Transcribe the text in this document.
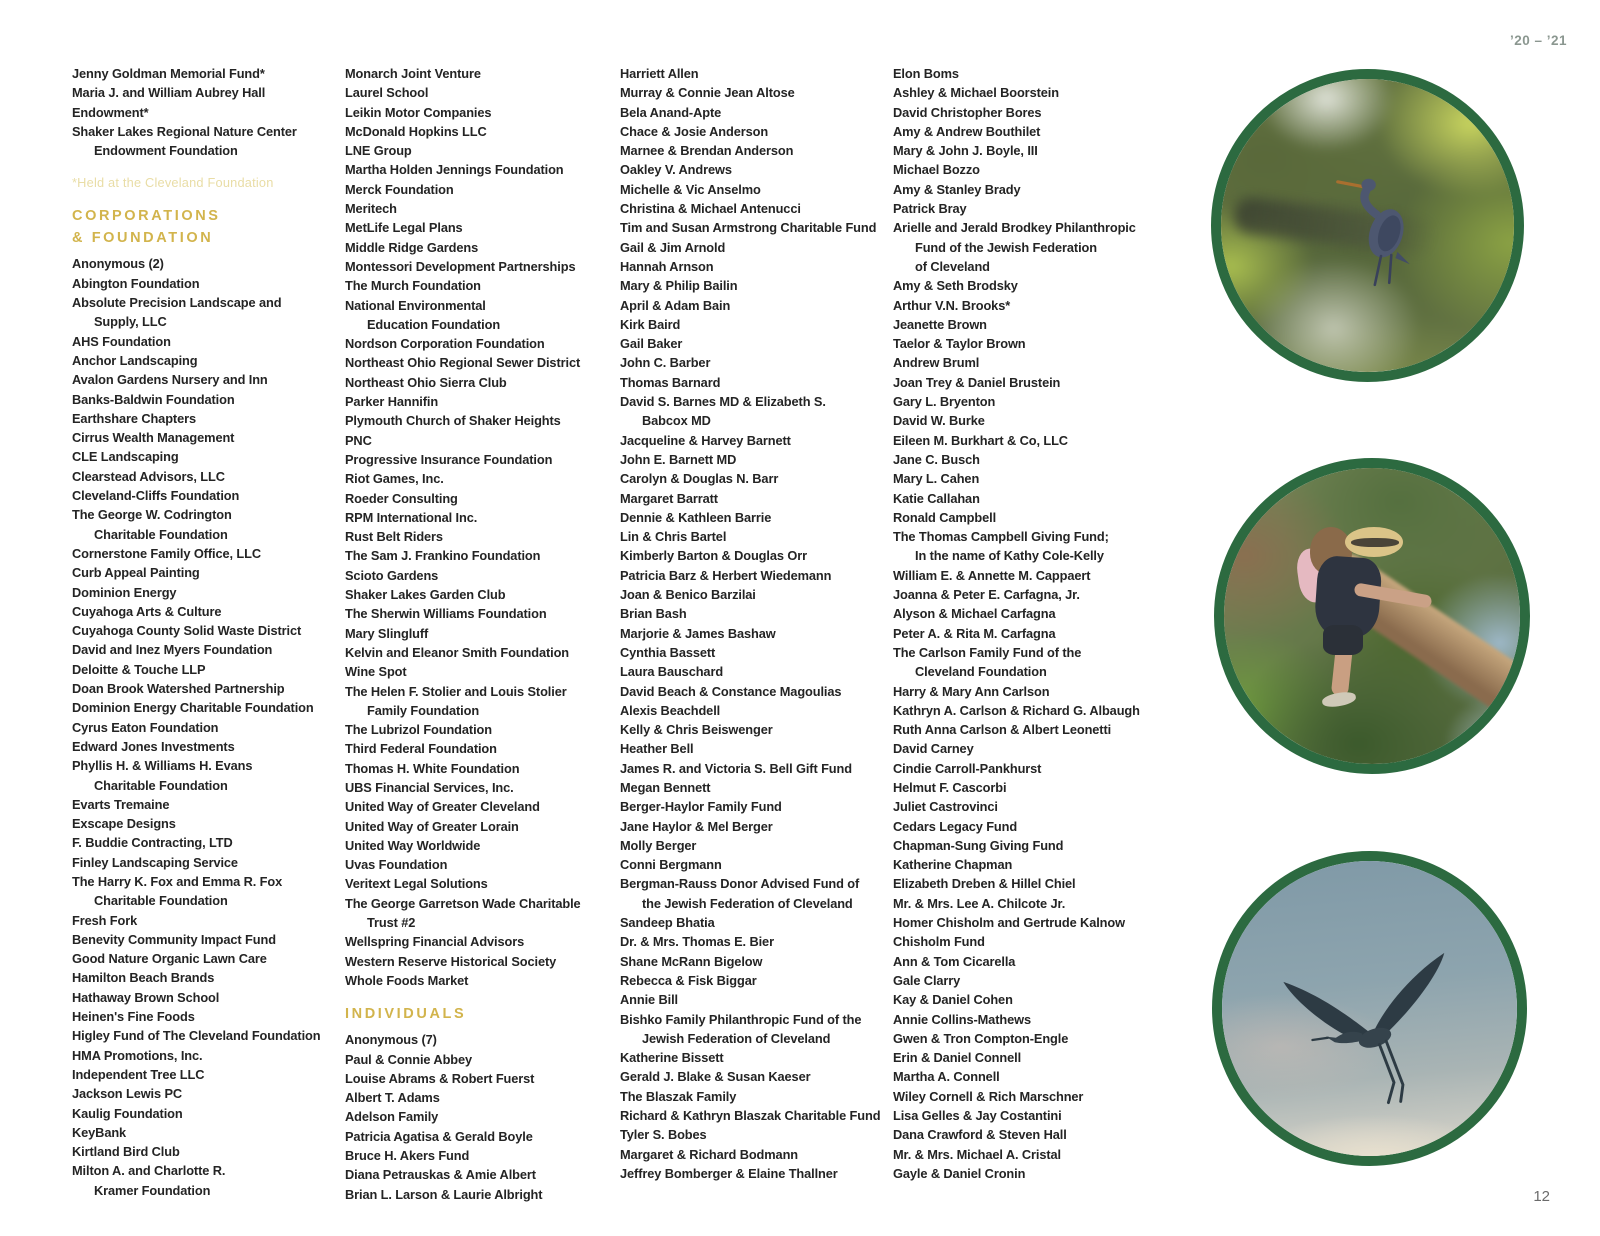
’20 – ’21
Jenny Goldman Memorial Fund*
Maria J. and William Aubrey Hall
Endowment*
Shaker Lakes Regional Nature Center
Endowment Foundation
*Held at the Cleveland Foundation
CORPORATIONS
& FOUNDATION
Anonymous (2)
Abington Foundation
Absolute Precision Landscape and
Supply, LLC
AHS Foundation
Anchor Landscaping
Avalon Gardens Nursery and Inn
Banks-Baldwin Foundation
Earthshare Chapters
Cirrus Wealth Management
CLE Landscaping
Clearstead Advisors, LLC
Cleveland-Cliffs Foundation
The George W. Codrington
Charitable Foundation
Cornerstone Family Office, LLC
Curb Appeal Painting
Dominion Energy
Cuyahoga Arts & Culture
Cuyahoga County Solid Waste District
David and Inez Myers Foundation
Deloitte & Touche LLP
Doan Brook Watershed Partnership
Dominion Energy Charitable Foundation
Cyrus Eaton Foundation
Edward Jones Investments
Phyllis H. & Williams H. Evans
Charitable Foundation
Evarts Tremaine
Exscape Designs
F. Buddie Contracting, LTD
Finley Landscaping Service
The Harry K. Fox and Emma R. Fox
Charitable Foundation
Fresh Fork
Benevity Community Impact Fund
Good Nature Organic Lawn Care
Hamilton Beach Brands
Hathaway Brown School
Heinen's Fine Foods
Higley Fund of The Cleveland Foundation
HMA Promotions, Inc.
Independent Tree LLC
Jackson Lewis PC
Kaulig Foundation
KeyBank
Kirtland Bird Club
Milton A. and Charlotte R.
Kramer Foundation
Monarch Joint Venture
Laurel School
Leikin Motor Companies
McDonald Hopkins LLC
LNE Group
Martha Holden Jennings Foundation
Merck Foundation
Meritech
MetLife Legal Plans
Middle Ridge Gardens
Montessori Development Partnerships
The Murch Foundation
National Environmental
Education Foundation
Nordson Corporation Foundation
Northeast Ohio Regional Sewer District
Northeast Ohio Sierra Club
Parker Hannifin
Plymouth Church of Shaker Heights
PNC
Progressive Insurance Foundation
Riot Games, Inc.
Roeder Consulting
RPM International Inc.
Rust Belt Riders
The Sam J. Frankino Foundation
Scioto Gardens
Shaker Lakes Garden Club
The Sherwin Williams Foundation
Mary Slingluff
Kelvin and Eleanor Smith Foundation
Wine Spot
The Helen F. Stolier and Louis Stolier
Family Foundation
The Lubrizol Foundation
Third Federal Foundation
Thomas H. White Foundation
UBS Financial Services, Inc.
United Way of Greater Cleveland
United Way of Greater Lorain
United Way Worldwide
Uvas Foundation
Veritext Legal Solutions
The George Garretson Wade Charitable
Trust #2
Wellspring Financial Advisors
Western Reserve Historical Society
Whole Foods Market
INDIVIDUALS
Anonymous (7)
Paul & Connie Abbey
Louise Abrams & Robert Fuerst
Albert T. Adams
Adelson Family
Patricia Agatisa & Gerald Boyle
Bruce H. Akers Fund
Diana Petrauskas & Amie Albert
Brian L. Larson & Laurie Albright
Harriett Allen
Murray & Connie Jean Altose
Bela Anand-Apte
Chace & Josie Anderson
Marnee & Brendan Anderson
Oakley V. Andrews
Michelle & Vic Anselmo
Christina & Michael Antenucci
Tim and Susan Armstrong Charitable Fund
Gail & Jim Arnold
Hannah Arnson
Mary & Philip Bailin
April & Adam Bain
Kirk Baird
Gail Baker
John C. Barber
Thomas Barnard
David S. Barnes MD & Elizabeth S.
Babcox MD
Jacqueline & Harvey Barnett
John E. Barnett MD
Carolyn & Douglas N. Barr
Margaret Barratt
Dennie & Kathleen Barrie
Lin & Chris Bartel
Kimberly Barton & Douglas Orr
Patricia Barz & Herbert Wiedemann
Joan & Benico Barzilai
Brian Bash
Marjorie & James Bashaw
Cynthia Bassett
Laura Bauschard
David Beach & Constance Magoulias
Alexis Beachdell
Kelly & Chris Beiswenger
Heather Bell
James R. and Victoria S. Bell Gift Fund
Megan Bennett
Berger-Haylor Family Fund
Jane Haylor & Mel Berger
Molly Berger
Conni Bergmann
Bergman-Rauss Donor Advised Fund of
the Jewish Federation of Cleveland
Sandeep Bhatia
Dr. & Mrs. Thomas E. Bier
Shane McRann Bigelow
Rebecca & Fisk Biggar
Annie Bill
Bishko Family Philanthropic Fund of the
Jewish Federation of Cleveland
Katherine Bissett
Gerald J. Blake & Susan Kaeser
The Blaszak Family
Richard & Kathryn Blaszak Charitable Fund
Tyler S. Bobes
Margaret & Richard Bodmann
Jeffrey Bomberger & Elaine Thallner
Elon Boms
Ashley & Michael Boorstein
David Christopher Bores
Amy & Andrew Bouthilet
Mary & John J. Boyle, III
Michael Bozzo
Amy & Stanley Brady
Patrick Bray
Arielle and Jerald Brodkey Philanthropic
Fund of the Jewish Federation
of Cleveland
Amy & Seth Brodsky
Arthur V.N. Brooks*
Jeanette Brown
Taelor & Taylor Brown
Andrew Bruml
Joan Trey & Daniel Brustein
Gary L. Bryenton
David W. Burke
Eileen M. Burkhart & Co, LLC
Jane C. Busch
Mary L. Cahen
Katie Callahan
Ronald Campbell
The Thomas Campbell Giving Fund;
In the name of Kathy Cole-Kelly
William E. & Annette M. Cappaert
Joanna & Peter E. Carfagna, Jr.
Alyson & Michael Carfagna
Peter A. & Rita M. Carfagna
The Carlson Family Fund of the
Cleveland Foundation
Harry & Mary Ann Carlson
Kathryn A. Carlson & Richard G. Albaugh
Ruth Anna Carlson & Albert Leonetti
David Carney
Cindie Carroll-Pankhurst
Helmut F. Cascorbi
Juliet Castrovinci
Cedars Legacy Fund
Chapman-Sung Giving Fund
Katherine Chapman
Elizabeth Dreben & Hillel Chiel
Mr. & Mrs. Lee A. Chilcote Jr.
Homer Chisholm and Gertrude Kalnow
Chisholm Fund
Ann & Tom Cicarella
Gale Clarry
Kay & Daniel Cohen
Annie Collins-Mathews
Gwen & Tron Compton-Engle
Erin & Daniel Connell
Martha A. Connell
Wiley Cornell & Rich Marschner
Lisa Gelles & Jay Costantini
Dana Crawford & Steven Hall
Mr. & Mrs. Michael A. Cristal
Gayle & Daniel Cronin
12
